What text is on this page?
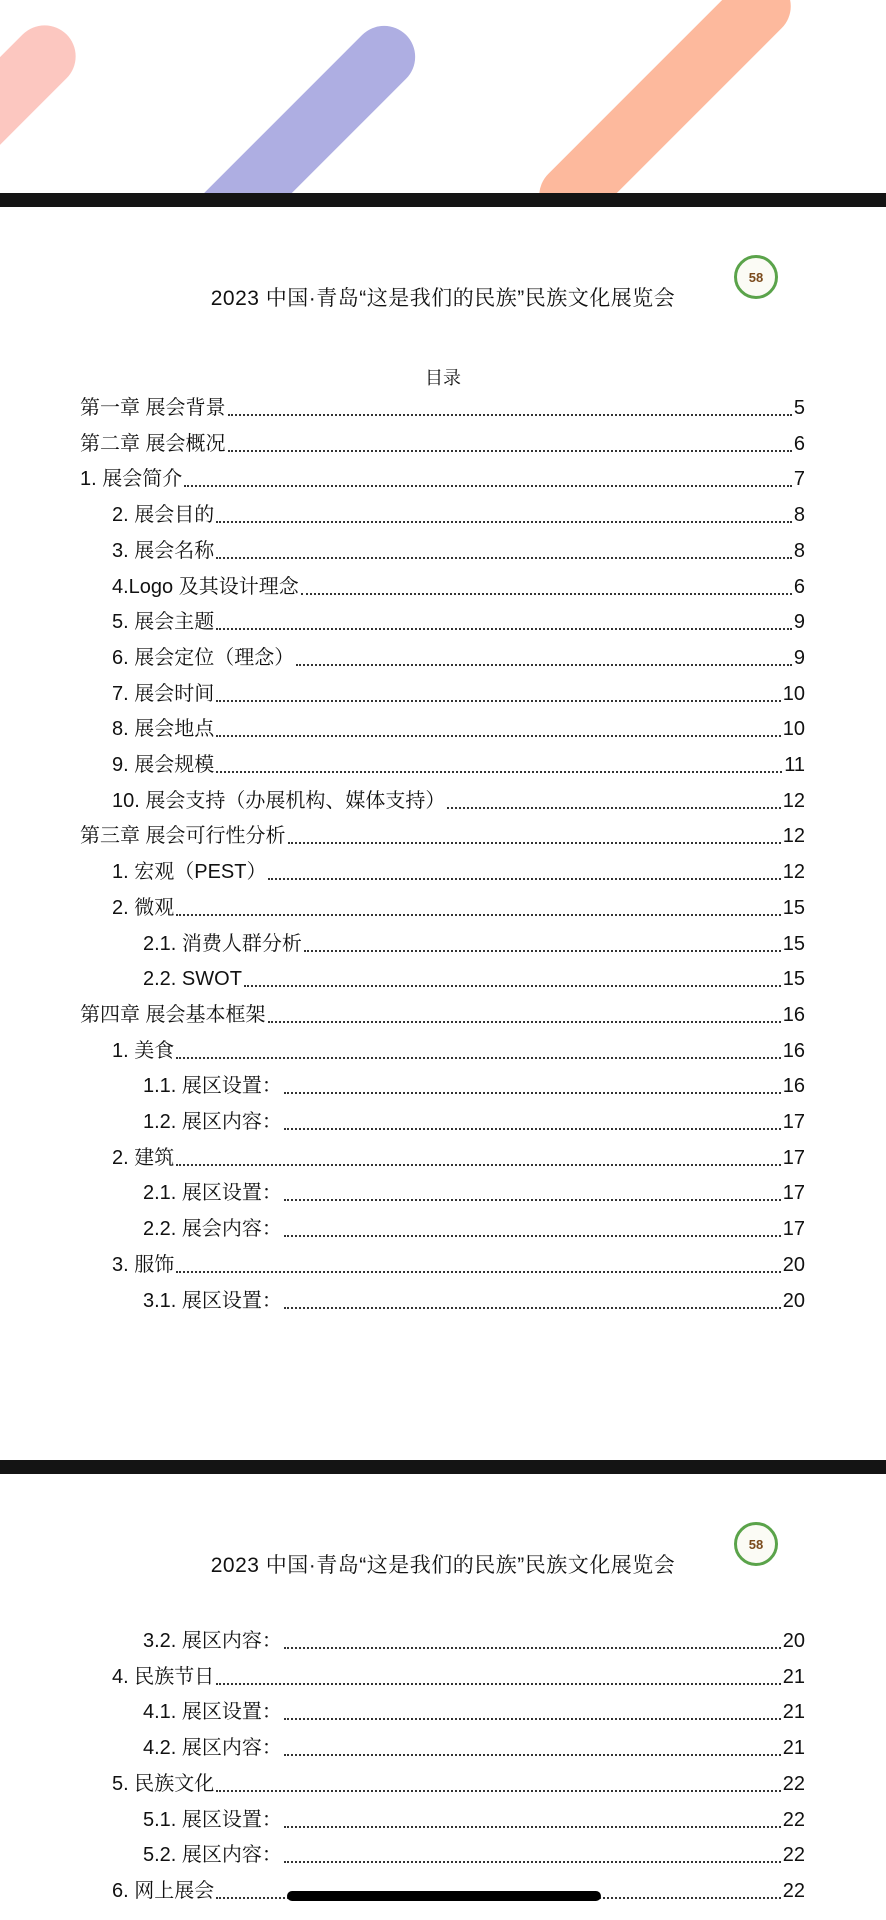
2023 中国·青岛“这是我们的民族”民族文化展览会
58
目录
第一章 展会背景	5
第二章 展会概况	6
1. 展会简介	7
2. 展会目的	8
3. 展会名称	8
4.Logo 及其设计理念	6
5. 展会主题	9
6. 展会定位（理念）	9
7. 展会时间	10
8. 展会地点	10
9. 展会规模	11
10. 展会支持（办展机构、媒体支持）	12
第三章 展会可行性分析	12
1. 宏观（PEST）	12
2. 微观	15
2.1. 消费人群分析	15
2.2. SWOT	15
第四章 展会基本框架	16
1. 美食	16
1.1. 展区设置：	16
1.2. 展区内容：	17
2. 建筑	17
2.1. 展区设置：	17
2.2. 展会内容：	17
3. 服饰	20
3.1. 展区设置：	20
2023 中国·青岛“这是我们的民族”民族文化展览会
58
3.2. 展区内容：	20
4. 民族节日	21
4.1. 展区设置：	21
4.2. 展区内容：	21
5. 民族文化	22
5.1. 展区设置：	22
5.2. 展区内容：	22
6. 网上展会	22
